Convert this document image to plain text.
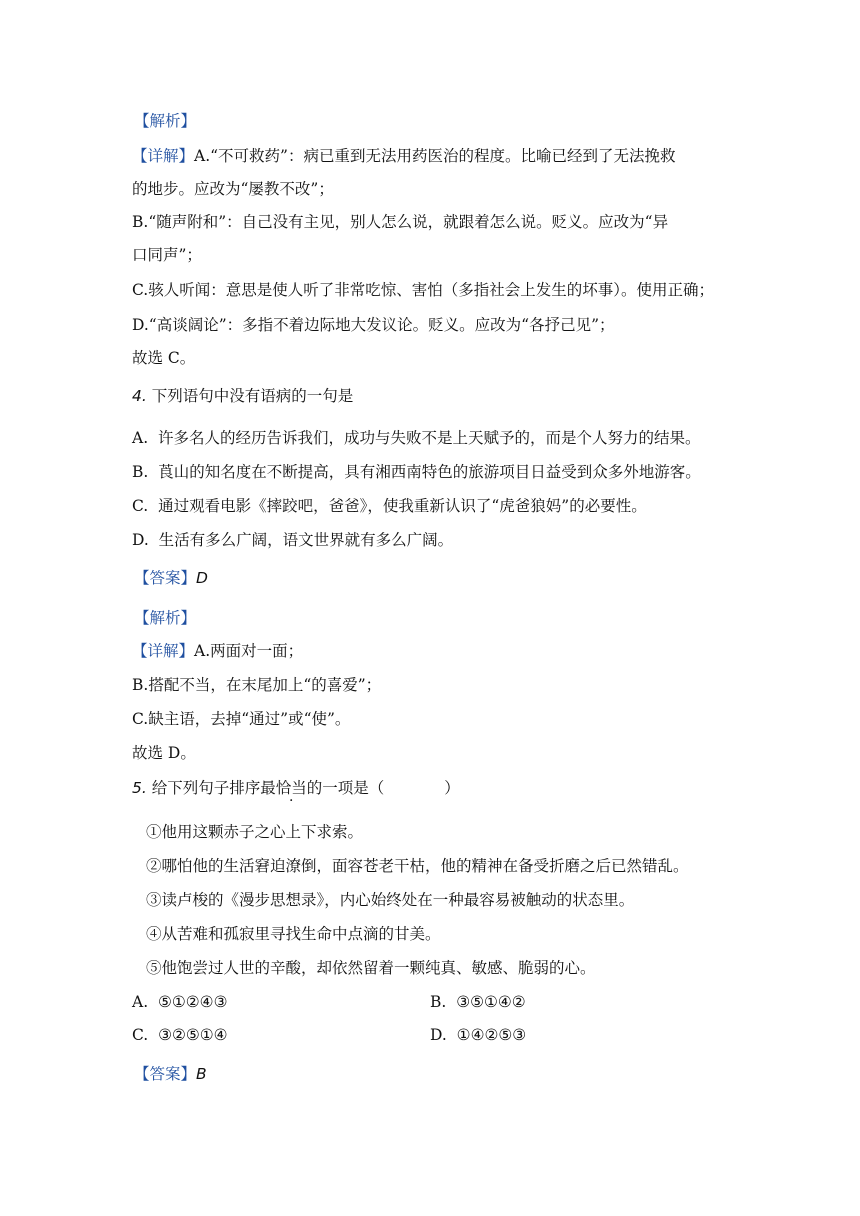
【解析】
【详解】A.“不可救药”：病已重到无法用药医治的程度。比喻已经到了无法挽救
的地步。应改为“屡教不改”；
B.“随声附和”：自己没有主见，别人怎么说，就跟着怎么说。贬义。应改为“异
口同声”；
C.骇人听闻：意思是使人听了非常吃惊、害怕（多指社会上发生的坏事）。使用正确；
D.“高谈阔论”：多指不着边际地大发议论。贬义。应改为“各抒己见”；
故选 C。
4. 下列语句中没有语病的一句是
A. 许多名人的经历告诉我们，成功与失败不是上天赋予的，而是个人努力的结果。
B. 莨山的知名度在不断提高，具有湘西南特色的旅游项目日益受到众多外地游客。
C. 通过观看电影《摔跤吧，爸爸》，使我重新认识了“虎爸狼妈”的必要性。
D. 生活有多么广阔，语文世界就有多么广阔。
【答案】D
【解析】
【详解】A.两面对一面；
B.搭配不当，在末尾加上“的喜爱”；
C.缺主语，去掉“通过”或“使”。
故选 D。
5. 给下列句子排序最恰当的一项是（	）
①他用这颗赤子之心上下求索。
②哪怕他的生活窘迫潦倒，面容苍老干枯，他的精神在备受折磨之后已然错乱。
③读卢梭的《漫步思想录》，内心始终处在一种最容易被触动的状态里。
④从苦难和孤寂里寻找生命中点滴的甘美。
⑤他饱尝过人世的辛酸，却依然留着一颗纯真、敏感、脆弱的心。
A. ⑤①②④③	B. ③⑤①④②
C. ③②⑤①④	D. ①④②⑤③
【答案】B
